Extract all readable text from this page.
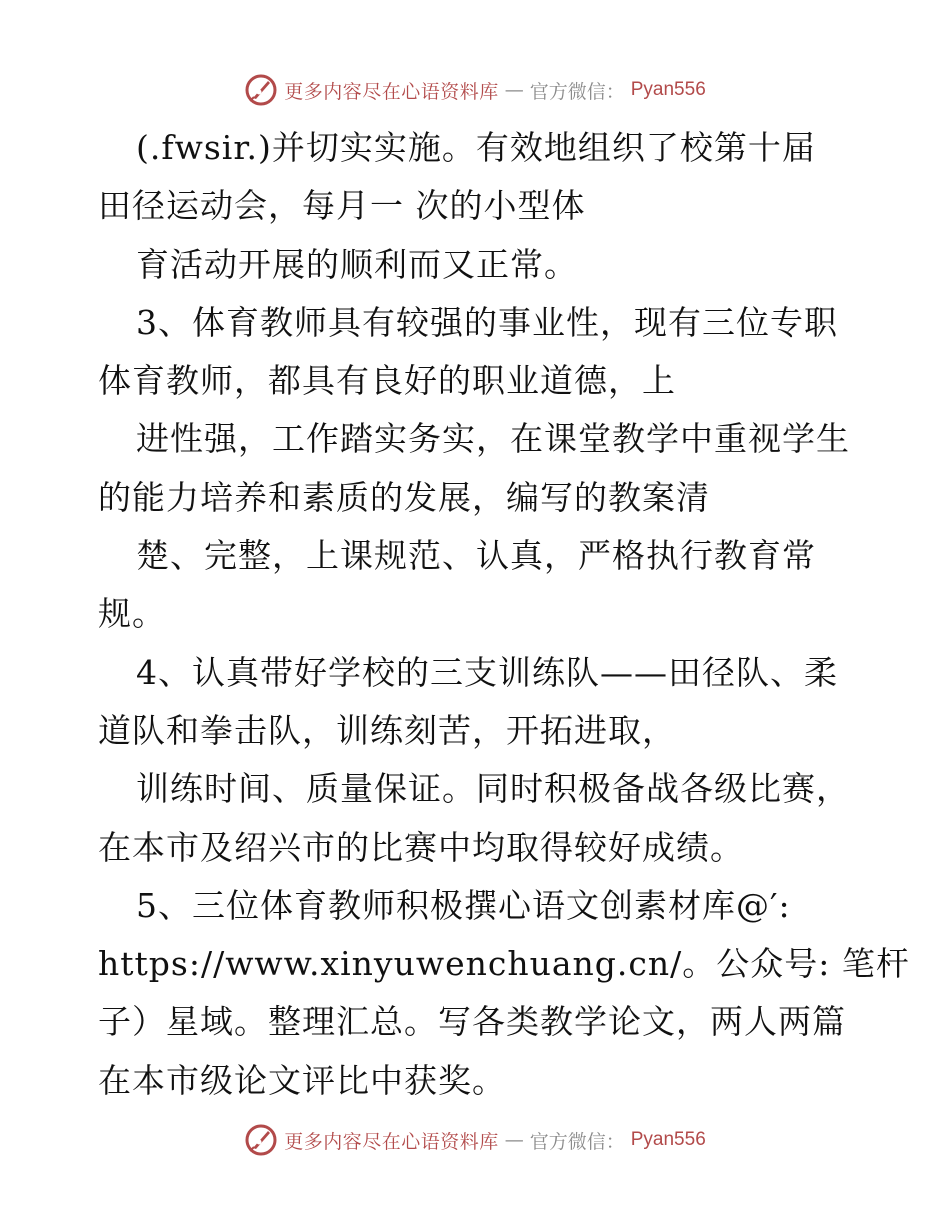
更多内容尽在心语资料库 — 官方微信： Pyan556
(.fwsir.)并切实实施。有效地组织了校第十届
田径运动会，每月一 次的小型体
育活动开展的顺利而又正常。
3、体育教师具有较强的事业性，现有三位专职
体育教师，都具有良好的职业道德，上
进性强，工作踏实务实，在课堂教学中重视学生
的能力培养和素质的发展，编写的教案清
楚、完整，上课规范、认真，严格执行教育常
规。
4、认真带好学校的三支训练队——田径队、柔
道队和拳击队，训练刻苦，开拓进取，
训练时间、质量保证。同时积极备战各级比赛，
在本市及绍兴市的比赛中均取得较好成绩。
5、三位体育教师积极撰心语文创素材库@′:
https://www.xinyuwenchuang.cn/。公众号: 笔杆
子）星域。整理汇总。写各类教学论文，两人两篇
在本市级论文评比中获奖。
更多内容尽在心语资料库 — 官方微信： Pyan556
